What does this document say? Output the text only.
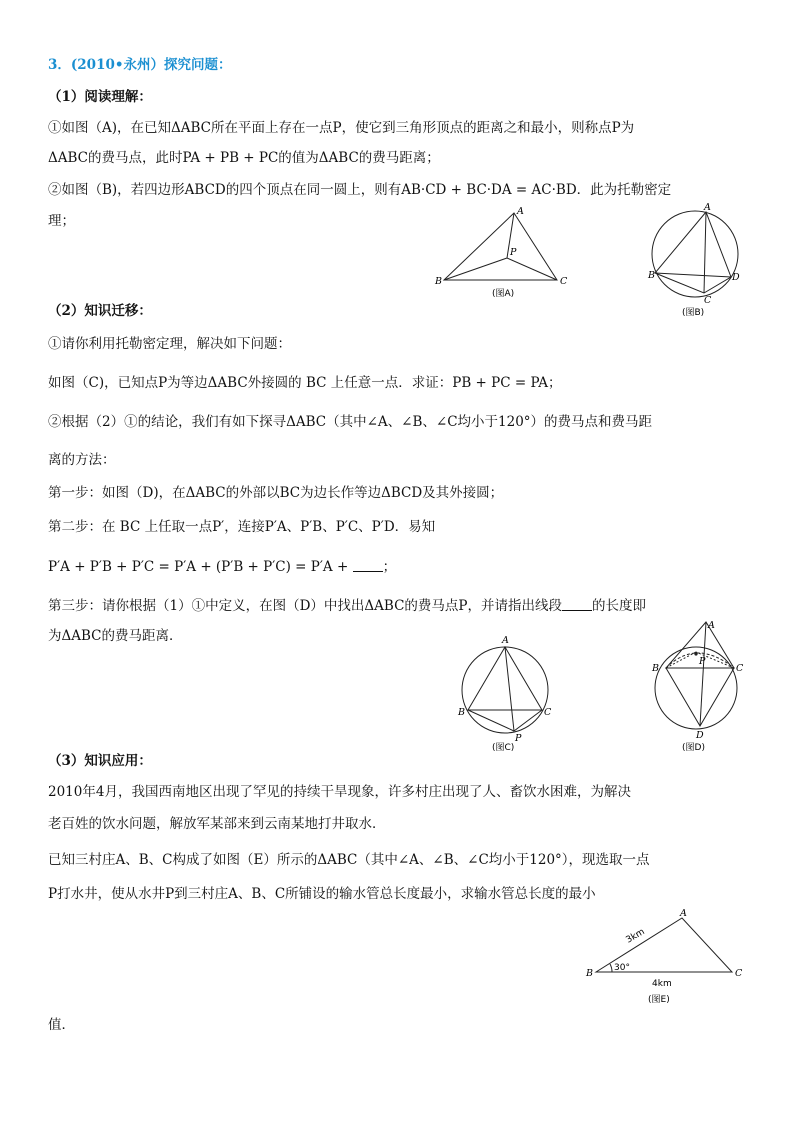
3．(2010•永州）探究问题：
（1）阅读理解：
①如图（A)，在已知ΔABC所在平面上存在一点P，使它到三角形顶点的距离之和最小，则称点P为
ΔABC的费马点，此时PA + PB + PC的值为ΔABC的费马距离；
②如图（B)，若四边形ABCD的四个顶点在同一圆上，则有AB·CD + BC·DA = AC·BD．此为托勒密定
理；
A
P
B	C
(图A)
A
B	D
C
(图B)
（2）知识迁移：
①请你利用托勒密定理，解决如下问题：
如图（C)，已知点P为等边ΔABC外接圆的 BC 上任意一点．求证：PB + PC = PA；
②根据（2）①的结论，我们有如下探寻ΔABC（其中∠A、∠B、∠C均小于120°）的费马点和费马距
离的方法：
第一步：如图（D)，在ΔABC的外部以BC为边长作等边ΔBCD及其外接圆；
第二步：在 BC 上任取一点P′，连接P′A、P′B、P′C、P′D．易知
P′A + P′B + P′C = P′A + (P′B + P′C) = P′A +	；
第三步：请你根据（1）①中定义，在图（D）中找出ΔABC的费马点P，并请指出线段 的长度即
为ΔABC的费马距离．	A
B	C
P
(图C)
A
B	C
P
D
(图D)
（3）知识应用：
2010年4月，我国西南地区出现了罕见的持续干旱现象，许多村庄出现了人、畜饮水困难，为解决
老百姓的饮水问题，解放军某部来到云南某地打井取水．
已知三村庄A、B、C构成了如图（E）所示的ΔABC（其中∠A、∠B、∠C均小于120°），现选取一点
P打水井，使从水井P到三村庄A、B、C所铺设的输水管总长度最小，求输水管总长度的最小
A
B	C
3km
4km
30°
(图E)
值．
